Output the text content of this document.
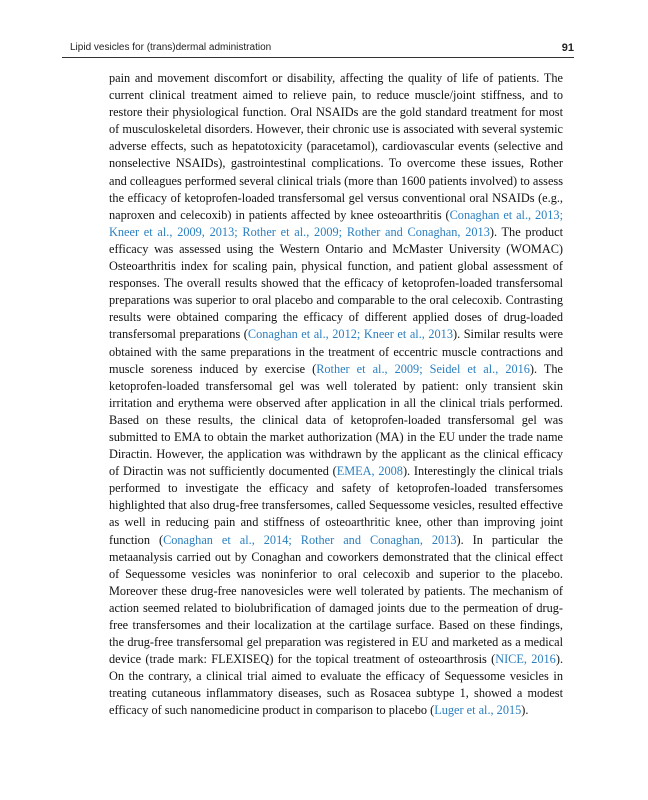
Lipid vesicles for (trans)dermal administration	91

pain and movement discomfort or disability, affecting the quality of life of patients. The current clinical treatment aimed to relieve pain, to reduce muscle/joint stiffness, and to restore their physiological function. Oral NSAIDs are the gold standard treatment for most of musculoskeletal disorders. However, their chronic use is associated with several systemic adverse effects, such as hepatotoxicity (paracetamol), cardiovascular events (selective and nonselective NSAIDs), gastrointestinal complications. To overcome these issues, Rother and colleagues performed several clinical trials (more than 1600 patients involved) to assess the efficacy of ketoprofen-loaded transfersomal gel versus conventional oral NSAIDs (e.g., naproxen and celecoxib) in patients affected by knee osteoarthritis (Conaghan et al., 2013; Kneer et al., 2009, 2013; Rother et al., 2009; Rother and Conaghan, 2013). The product efficacy was assessed using the Western Ontario and McMaster University (WOMAC) Osteoarthritis index for scaling pain, physical function, and patient global assessment of responses. The overall results showed that the efficacy of ketoprofen-loaded transfersomal preparations was superior to oral placebo and comparable to the oral celecoxib. Contrasting results were obtained comparing the efficacy of different applied doses of drug-loaded transfersomal preparations (Conaghan et al., 2012; Kneer et al., 2013). Similar results were obtained with the same preparations in the treatment of eccentric muscle contractions and muscle soreness induced by exercise (Rother et al., 2009; Seidel et al., 2016). The ketoprofen-loaded transfersomal gel was well tolerated by patient: only transient skin irritation and erythema were observed after application in all the clinical trials performed. Based on these results, the clinical data of ketoprofen-loaded transfersomal gel was submitted to EMA to obtain the market authorization (MA) in the EU under the trade name Diractin. However, the application was withdrawn by the applicant as the clinical efficacy of Diractin was not sufficiently documented (EMEA, 2008). Interestingly the clinical trials performed to investigate the efficacy and safety of ketoprofen-loaded transfersomes highlighted that also drug-free transfersomes, called Sequessome vesicles, resulted effective as well in reducing pain and stiffness of osteoarthritic knee, other than improving joint function (Conaghan et al., 2014; Rother and Conaghan, 2013). In particular the metaanalysis carried out by Conaghan and coworkers demonstrated that the clinical effect of Sequessome vesicles was noninferior to oral celecoxib and superior to the placebo. Moreover these drug-free nanovesicles were well tolerated by patients. The mechanism of action seemed related to biolubrification of damaged joints due to the permeation of drug-free transfersomes and their localization at the cartilage surface. Based on these findings, the drug-free transfersomal gel preparation was registered in EU and marketed as a medical device (trade mark: FLEXISEQ) for the topical treatment of osteoarthrosis (NICE, 2016). On the contrary, a clinical trial aimed to evaluate the efficacy of Sequessome vesicles in treating cutaneous inflammatory diseases, such as Rosacea subtype 1, showed a modest efficacy of such nanomedicine product in comparison to placebo (Luger et al., 2015).
